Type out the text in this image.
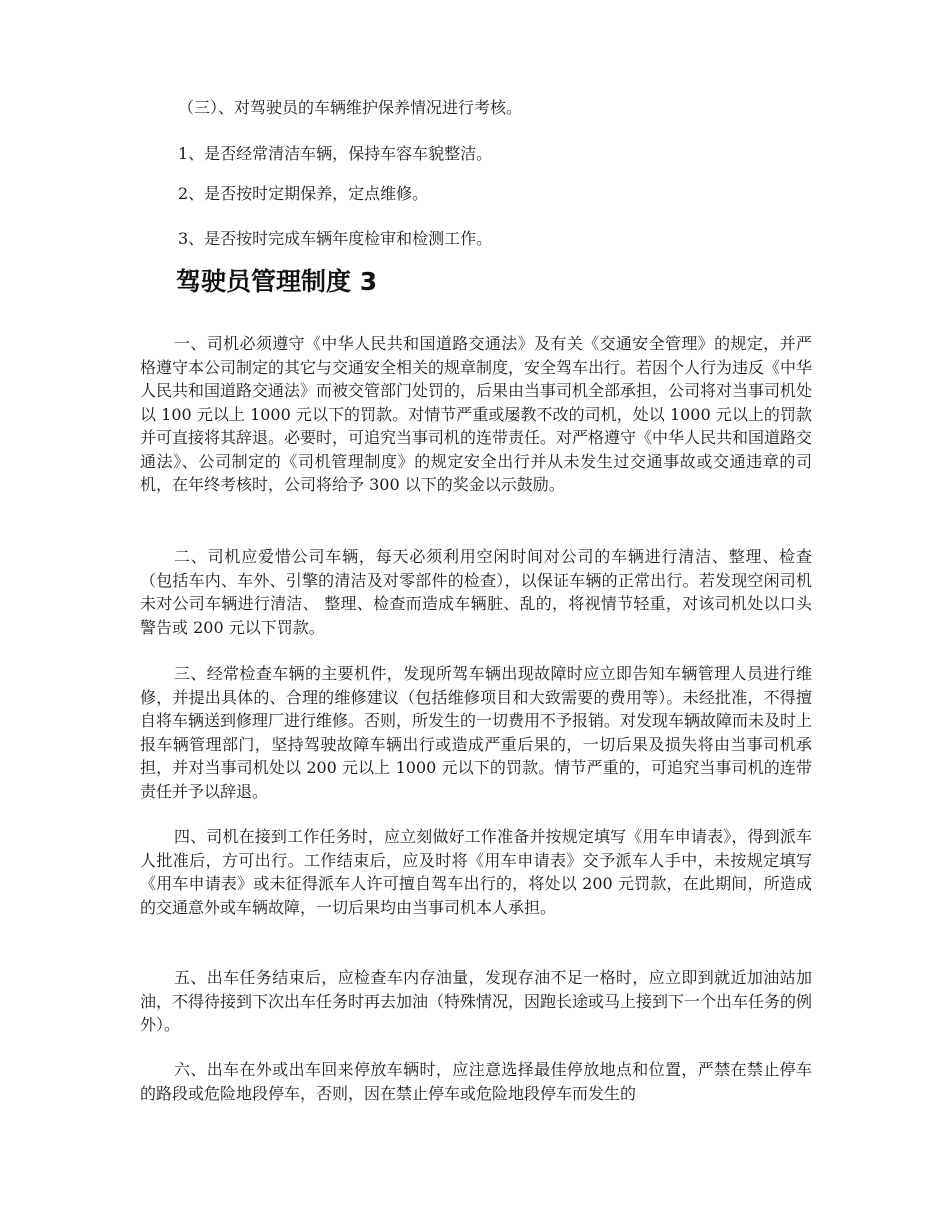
（三）、对驾驶员的车辆维护保养情况进行考核。
1、是否经常清洁车辆，保持车容车貌整洁。
2、是否按时定期保养，定点维修。
3、是否按时完成车辆年度检审和检测工作。
驾驶员管理制度 3

一、司机必须遵守《中华人民共和国道路交通法》及有关《交通安全管理》的规定，并严格遵守本公司制定的其它与交通安全相关的规章制度，安全驾车出行。若因个人行为违反《中华人民共和国道路交通法》而被交管部门处罚的，后果由当事司机全部承担，公司将对当事司机处以 100 元以上 1000 元以下的罚款。对情节严重或屡教不改的司机，处以 1000 元以上的罚款并可直接将其辞退。必要时，可追究当事司机的连带责任。对严格遵守《中华人民共和国道路交通法》、公司制定的《司机管理制度》的规定安全出行并从未发生过交通事故或交通违章的司机，在年终考核时，公司将给予 300 以下的奖金以示鼓励。

二、司机应爱惜公司车辆，每天必须利用空闲时间对公司的车辆进行清洁、整理、检查（包括车内、车外、引擎的清洁及对零部件的检查），以保证车辆的正常出行。若发现空闲司机未对公司车辆进行清洁、 整理、检查而造成车辆脏、乱的，将视情节轻重，对该司机处以口头警告或 200 元以下罚款。

三、经常检查车辆的主要机件，发现所驾车辆出现故障时应立即告知车辆管理人员进行维修，并提出具体的、合理的维修建议（包括维修项目和大致需要的费用等）。未经批准，不得擅自将车辆送到修理厂进行维修。否则，所发生的一切费用不予报销。对发现车辆故障而未及时上报车辆管理部门，坚持驾驶故障车辆出行或造成严重后果的，一切后果及损失将由当事司机承担，并对当事司机处以 200 元以上 1000 元以下的罚款。情节严重的，可追究当事司机的连带责任并予以辞退。

四、司机在接到工作任务时，应立刻做好工作准备并按规定填写《用车申请表》，得到派车人批准后，方可出行。工作结束后，应及时将《用车申请表》交予派车人手中，未按规定填写《用车申请表》或未征得派车人许可擅自驾车出行的，将处以 200 元罚款，在此期间，所造成的交通意外或车辆故障，一切后果均由当事司机本人承担。

五、出车任务结束后，应检查车内存油量，发现存油不足一格时，应立即到就近加油站加油，不得待接到下次出车任务时再去加油（特殊情况，因跑长途或马上接到下一个出车任务的例外）。

六、出车在外或出车回来停放车辆时，应注意选择最佳停放地点和位置，严禁在禁止停车的路段或危险地段停车，否则，因在禁止停车或危险地段停车而发生的
